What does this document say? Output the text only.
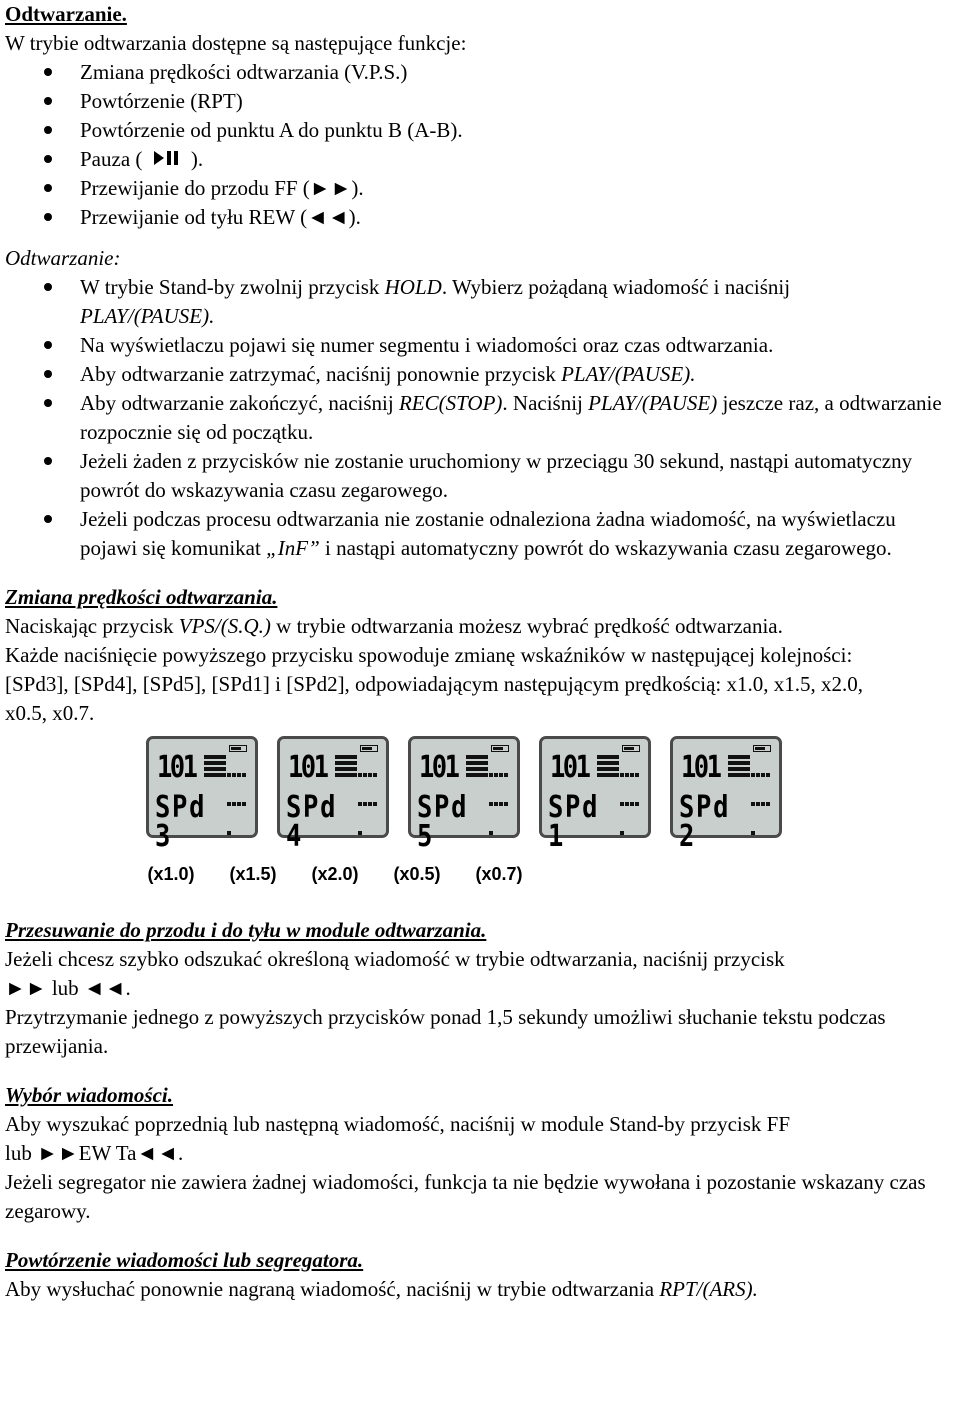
Odtwarzanie.
W trybie odtwarzania dostępne są następujące funkcje:
Zmiana prędkości odtwarzania (V.P.S.)
Powtórzenie (RPT)
Powtórzenie od punktu A do punktu B (A-B).
Pauza ( ).
Przewijanie do przodu FF (►►).
Przewijanie od tyłu REW (◄◄).
Odtwarzanie:
W trybie Stand-by zwolnij przycisk HOLD. Wybierz pożądaną wiadomość i naciśnij
PLAY/(PAUSE).
Na wyświetlaczu pojawi się numer segmentu i wiadomości oraz czas odtwarzania.
Aby odtwarzanie zatrzymać, naciśnij ponownie przycisk PLAY/(PAUSE).
Aby odtwarzanie zakończyć, naciśnij REC(STOP). Naciśnij PLAY/(PAUSE) jeszcze raz, a odtwarzanie rozpocznie się od początku.
Jeżeli żaden z przycisków nie zostanie uruchomiony w przeciągu 30 sekund, nastąpi automatyczny powrót do wskazywania czasu zegarowego.
Jeżeli podczas procesu odtwarzania nie zostanie odnaleziona żadna wiadomość, na wyświetlaczu pojawi się komunikat „InF” i nastąpi automatyczny powrót do wskazywania czasu zegarowego.
Zmiana prędkości odtwarzania.
Naciskając przycisk VPS/(S.Q.) w trybie odtwarzania możesz wybrać prędkość odtwarzania.
Każde naciśnięcie powyższego przycisku spowoduje zmianę wskaźników w następującej kolejności: [SPd3], [SPd4], [SPd5], [SPd1] i [SPd2], odpowiadającym następującym prędkością: x1.0, x1.5, x2.0, x0.5, x0.7.
101
SPd 3
(x1.0)
101
SPd 4
(x1.5)
101
SPd 5
(x2.0)
101
SPd 1
(x0.5)
101
SPd 2
(x0.7)
Przesuwanie do przodu i do tyłu w module odtwarzania.
Jeżeli chcesz szybko odszukać określoną wiadomość w trybie odtwarzania, naciśnij przycisk
►► lub ◄◄.
Przytrzymanie jednego z powyższych przycisków ponad 1,5 sekundy umożliwi słuchanie tekstu podczas przewijania.
Wybór wiadomości.
Aby wyszukać poprzednią lub następną wiadomość, naciśnij w module Stand-by przycisk FF
lub ►►EW Ta◄◄.
Jeżeli segregator nie zawiera żadnej wiadomości, funkcja ta nie będzie wywołana i pozostanie wskazany czas zegarowy.
Powtórzenie wiadomości lub segregatora.
Aby wysłuchać ponownie nagraną wiadomość, naciśnij w trybie odtwarzania RPT/(ARS).
